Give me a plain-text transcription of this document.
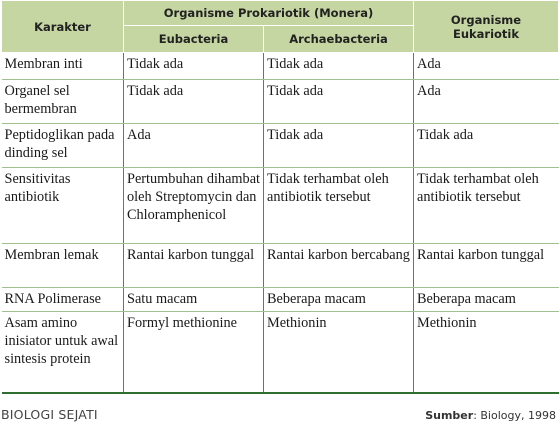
Karakter	Organisme Prokariotik (Monera)		Organisme Eukariotik
	Eubacteria	Archaebacteria	
Membran inti	Tidak ada	Tidak ada	Ada
Organel sel bermembran	Tidak ada	Tidak ada	Ada
Peptidoglikan pada dinding sel	Ada	Tidak ada	Tidak ada
Sensitivitas antibiotik	Pertumbuhan dihambat oleh Streptomycin dan Chloramphenicol	Tidak terhambat oleh antibiotik tersebut	Tidak terhambat oleh antibiotik tersebut
Membran lemak	Rantai karbon tunggal	Rantai karbon bercabang	Rantai karbon tunggal
RNA Polimerase	Satu macam	Beberapa macam	Beberapa macam
Asam amino inisiator untuk awal sintesis protein	Formyl methionine	Methionin	Methionin
BIOLOGI SEJATI	Sumber: Biology, 1998
